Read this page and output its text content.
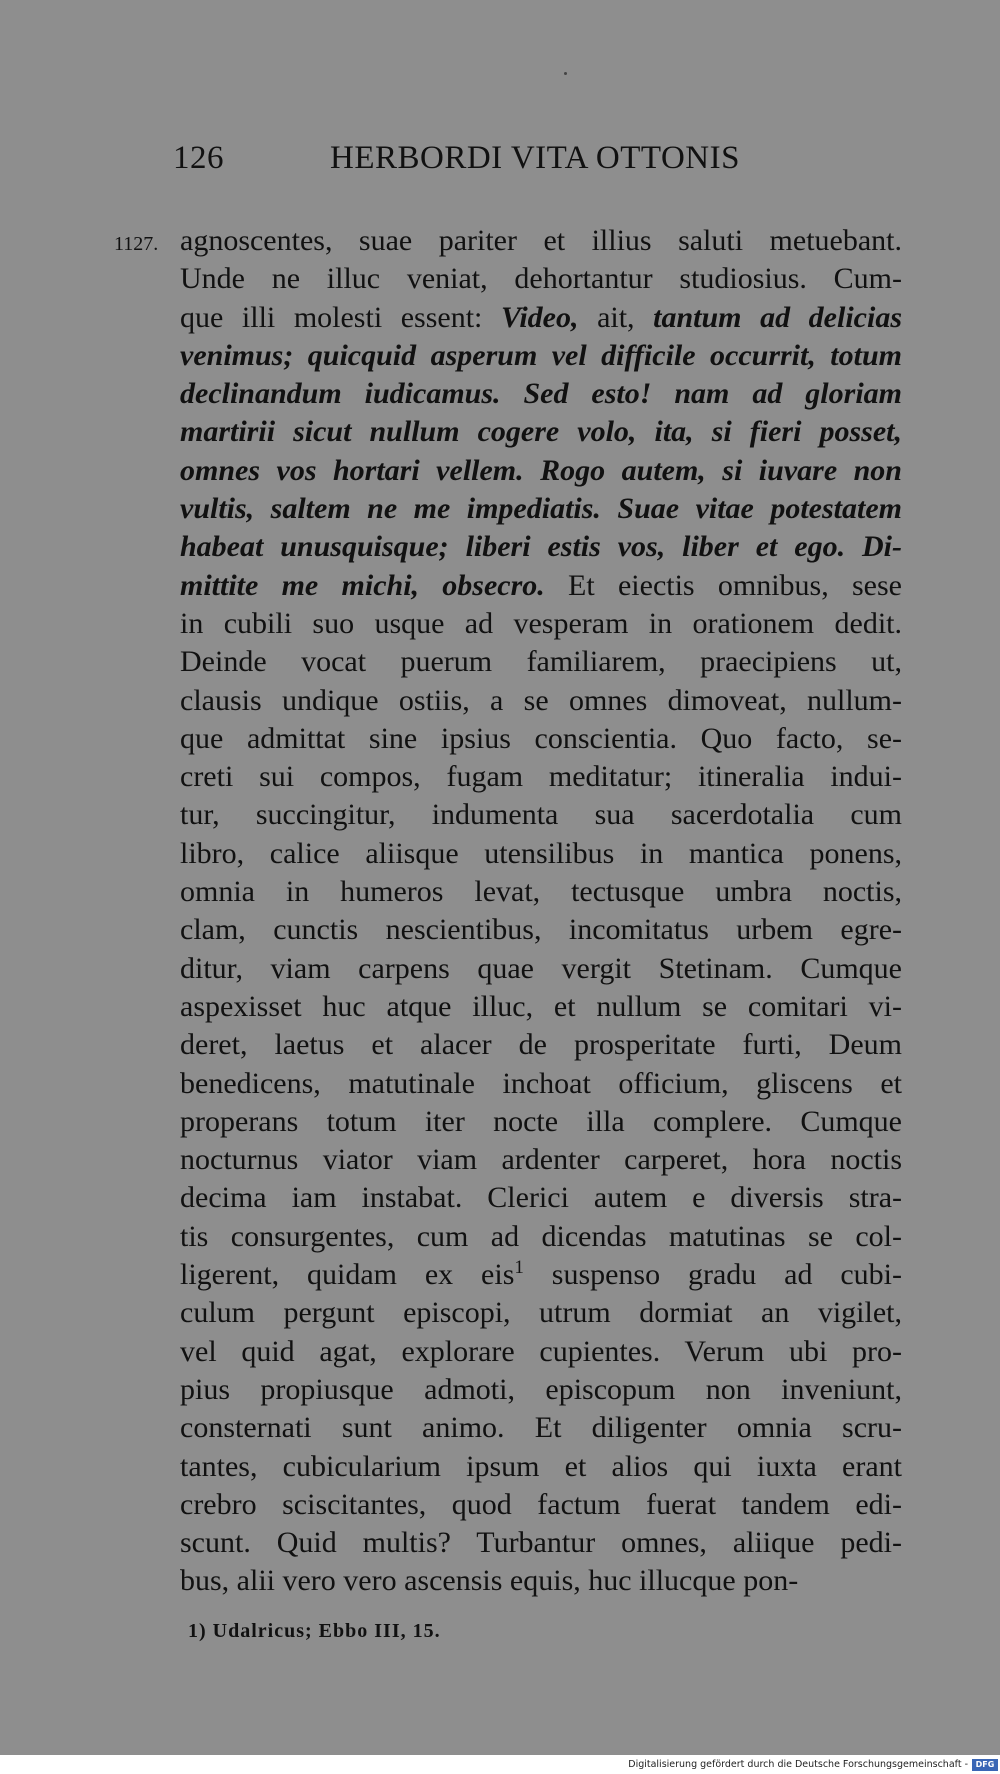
126	HERBORDI VITA OTTONIS
1127. agnoscentes, suae pariter et illius saluti metuebant.
Unde ne illuc veniat, dehortantur studiosius. Cum-
que illi molesti essent: Video, ait, tantum ad delicias
venimus; quicquid asperum vel difficile occurrit, totum
declinandum iudicamus. Sed esto! nam ad gloriam
martirii sicut nullum cogere volo, ita, si fieri posset,
omnes vos hortari vellem. Rogo autem, si iuvare non
vultis, saltem ne me impediatis. Suae vitae potestatem
habeat unusquisque; liberi estis vos, liber et ego. Di-
mittite me michi, obsecro. Et eiectis omnibus, sese
in cubili suo usque ad vesperam in orationem dedit.
Deinde vocat puerum familiarem, praecipiens ut,
clausis undique ostiis, a se omnes dimoveat, nullum-
que admittat sine ipsius conscientia. Quo facto, se-
creti sui compos, fugam meditatur; itineralia indui-
tur, succingitur, indumenta sua sacerdotalia cum
libro, calice aliisque utensilibus in mantica ponens,
omnia in humeros levat, tectusque umbra noctis,
clam, cunctis nescientibus, incomitatus urbem egre-
ditur, viam carpens quae vergit Stetinam. Cumque
aspexisset huc atque illuc, et nullum se comitari vi-
deret, laetus et alacer de prosperitate furti, Deum
benedicens, matutinale inchoat officium, gliscens et
properans totum iter nocte illa complere. Cumque
nocturnus viator viam ardenter carperet, hora noctis
decima iam instabat. Clerici autem e diversis stra-
tis consurgentes, cum ad dicendas matutinas se col-
ligerent, quidam ex eis$^1$ suspenso gradu ad cubi-
culum pergunt episcopi, utrum dormiat an vigilet,
vel quid agat, explorare cupientes. Verum ubi pro-
pius propiusque admoti, episcopum non inveniunt,
consternati sunt animo. Et diligenter omnia scru-
tantes, cubicularium ipsum et alios qui iuxta erant
crebro sciscitantes, quod factum fuerat tandem edi-
scunt. Quid multis? Turbantur omnes, aliique pedi-
bus, alii vero vero ascensis equis, huc illucque pon-
1) Udalricus; Ebbo III, 15.
Digitalisierung gefördert durch die Deutsche Forschungsgemeinschaft - DFG
